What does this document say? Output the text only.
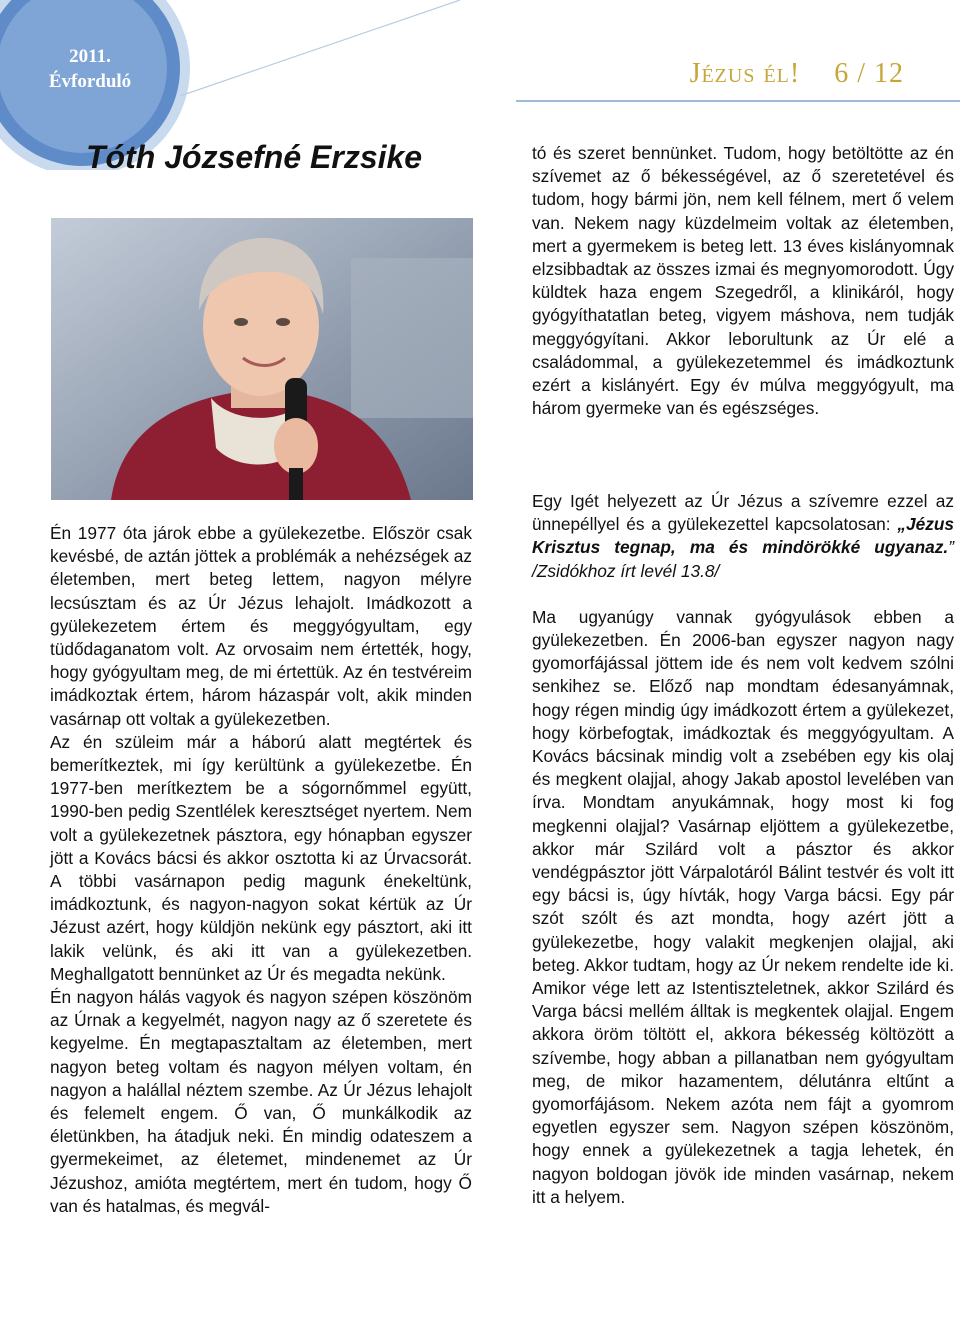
2011.
Évforduló	Jézus él! 6 / 12
Tóth Józsefné Erzsike

Én 1977 óta járok ebbe a gyülekezetbe. Először csak kevésbé, de aztán jöttek a problémák a nehézségek az életemben, mert beteg lettem, nagyon mélyre lecsúsztam és az Úr Jézus lehajolt. Imádkozott a gyülekezetem értem és meggyógyultam, egy tüdődaganatom volt. Az orvosaim nem értették, hogy, hogy gyógyultam meg, de mi értettük. Az én testvéreim imádkoztak értem, három házaspár volt, akik minden vasárnap ott voltak a gyülekezetben.

Az én szüleim már a háború alatt megtértek és bemerítkeztek, mi így kerültünk a gyülekezetbe. Én 1977-ben merítkeztem be a sógornőmmel együtt, 1990-ben pedig Szentlélek keresztséget nyertem. Nem volt a gyülekezetnek pásztora, egy hónapban egyszer jött a Kovács bácsi és akkor osztotta ki az Úrvacsorát. A többi vasárnapon pedig magunk énekeltünk, imádkoztunk, és nagyon-nagyon sokat kértük az Úr Jézust azért, hogy küldjön nekünk egy pásztort, aki itt lakik velünk, és aki itt van a gyülekezetben. Meghallgatott bennünket az Úr és megadta nekünk.

Én nagyon hálás vagyok és nagyon szépen köszönöm az Úrnak a kegyelmét, nagyon nagy az ő szeretete és kegyelme. Én megtapasztaltam az életemben, mert nagyon beteg voltam és nagyon mélyen voltam, én nagyon a halállal néztem szembe. Az Úr Jézus lehajolt és felemelt engem. Ő van, Ő munkálkodik az életünkben, ha átadjuk neki. Én mindig odateszem a gyermekeimet, az életemet, mindenemet az Úr Jézushoz, amióta megtértem, mert én tudom, hogy Ő van és hatalmas, és megvál-

tó és szeret bennünket. Tudom, hogy betöltötte az én szívemet az ő békességével, az ő szeretetével és tudom, hogy bármi jön, nem kell félnem, mert ő velem van. Nekem nagy küzdelmeim voltak az életemben, mert a gyermekem is beteg lett. 13 éves kislányomnak elzsibbadtak az összes izmai és megnyomorodott. Úgy küldtek haza engem Szegedről, a klinikáról, hogy gyógyíthatatlan beteg, vigyem máshova, nem tudják meggyógyítani. Akkor leborultunk az Úr elé a családommal, a gyülekezetemmel és imádkoztunk ezért a kislányért. Egy év múlva meggyógyult, ma három gyermeke van és egészséges.

Egy Igét helyezett az Úr Jézus a szívemre ezzel az ünnepéllyel és a gyülekezettel kapcsolatosan: „Jézus Krisztus tegnap, ma és mindörökké ugyanaz.” /Zsidókhoz írt levél 13.8/

Ma ugyanúgy vannak gyógyulások ebben a gyülekezetben. Én 2006-ban egyszer nagyon nagy gyomorfájással jöttem ide és nem volt kedvem szólni senkihez se. Előző nap mondtam édesanyámnak, hogy régen mindig úgy imádkozott értem a gyülekezet, hogy körbefogtak, imádkoztak és meggyógyultam. A Kovács bácsinak mindig volt a zsebében egy kis olaj és megkent olajjal, ahogy Jakab apostol levelében van írva. Mondtam anyukámnak, hogy most ki fog megkenni olajjal? Vasárnap eljöttem a gyülekezetbe, akkor már Szilárd volt a pásztor és akkor vendégpásztor jött Várpalotáról Bálint testvér és volt itt egy bácsi is, úgy hívták, hogy Varga bácsi. Egy pár szót szólt és azt mondta, hogy azért jött a gyülekezetbe, hogy valakit megkenjen olajjal, aki beteg. Akkor tudtam, hogy az Úr nekem rendelte ide ki. Amikor vége lett az Istentiszteletnek, akkor Szilárd és Varga bácsi mellém álltak is megkentek olajjal. Engem akkora öröm töltött el, akkora békesség költözött a szívembe, hogy abban a pillanatban nem gyógyultam meg, de mikor hazamentem, délutánra eltűnt a gyomorfájásom. Nekem azóta nem fájt a gyomrom egyetlen egyszer sem. Nagyon szépen köszönöm, hogy ennek a gyülekezetnek a tagja lehetek, én nagyon boldogan jövök ide minden vasárnap, nekem itt a helyem.
